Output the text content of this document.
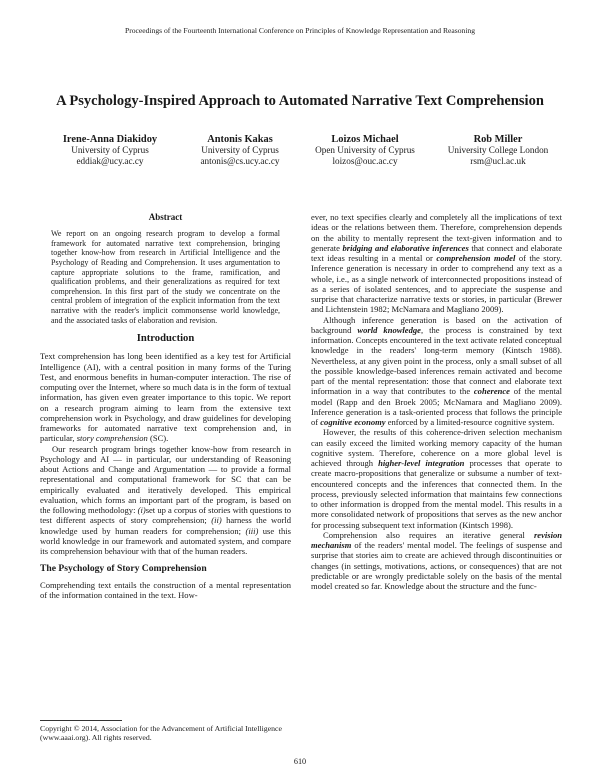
Proceedings of the Fourteenth International Conference on Principles of Knowledge Representation and Reasoning
A Psychology-Inspired Approach to Automated Narrative Text Comprehension
Irene-Anna Diakidoy
University of Cyprus
eddiak@ucy.ac.cy
Antonis Kakas
University of Cyprus
antonis@cs.ucy.ac.cy
Loizos Michael
Open University of Cyprus
loizos@ouc.ac.cy
Rob Miller
University College London
rsm@ucl.ac.uk
Abstract

We report on an ongoing research program to develop a formal framework for automated narrative text comprehension, bringing together know-how from research in Artificial Intelligence and the Psychology of Reading and Comprehension. It uses argumentation to capture appropriate solutions to the frame, ramification, and qualification problems, and their generalizations as required for text comprehension. In this first part of the study we concentrate on the central problem of integration of the explicit information from the text narrative with the reader's implicit commonsense world knowledge, and the associated tasks of elaboration and revision.

Introduction

Text comprehension has long been identified as a key test for Artificial Intelligence (AI), with a central position in many forms of the Turing Test, and enormous benefits in human-computer interaction. The rise of computing over the Internet, where so much data is in the form of textual information, has given even greater importance to this topic. We report on a research program aiming to learn from the extensive text comprehension work in Psychology, and draw guidelines for developing frameworks for automated narrative text comprehension and, in particular, story comprehension (SC).

Our research program brings together know-how from research in Psychology and AI — in particular, our understanding of Reasoning about Actions and Change and Argumentation — to provide a formal representational and computational framework for SC that can be empirically evaluated and iteratively developed. This empirical evaluation, which forms an important part of the program, is based on the following methodology: (i)set up a corpus of stories with questions to test different aspects of story comprehension; (ii) harness the world knowledge used by human readers for comprehension; (iii) use this world knowledge in our framework and automated system, and compare its comprehension behaviour with that of the human readers.

The Psychology of Story Comprehension

Comprehending text entails the construction of a mental representation of the information contained in the text. How-

Copyright © 2014, Association for the Advancement of Artificial Intelligence (www.aaai.org). All rights reserved.

ever, no text specifies clearly and completely all the implications of text ideas or the relations between them. Therefore, comprehension depends on the ability to mentally represent the text-given information and to generate bridging and elaborative inferences that connect and elaborate text ideas resulting in a mental or comprehension model of the story. Inference generation is necessary in order to comprehend any text as a whole, i.e., as a single network of interconnected propositions instead of as a series of isolated sentences, and to appreciate the suspense and surprise that characterize narrative texts or stories, in particular (Brewer and Lichtenstein 1982; McNamara and Magliano 2009).

Although inference generation is based on the activation of background world knowledge, the process is constrained by text information. Concepts encountered in the text activate related conceptual knowledge in the readers' long-term memory (Kintsch 1988). Nevertheless, at any given point in the process, only a small subset of all the possible knowledge-based inferences remain activated and become part of the mental representation: those that connect and elaborate text information in a way that contributes to the coherence of the mental model (Rapp and den Broek 2005; McNamara and Magliano 2009). Inference generation is a task-oriented process that follows the principle of cognitive economy enforced by a limited-resource cognitive system.

However, the results of this coherence-driven selection mechanism can easily exceed the limited working memory capacity of the human cognitive system. Therefore, coherence on a more global level is achieved through higher-level integration processes that operate to create macro-propositions that generalize or subsume a number of text-encountered concepts and the inferences that connected them. In the process, previously selected information that maintains few connections to other information is dropped from the mental model. This results in a more consolidated network of propositions that serves as the new anchor for processing subsequent text information (Kintsch 1998).

Comprehension also requires an iterative general revision mechanism of the readers' mental model. The feelings of suspense and surprise that stories aim to create are achieved through discontinuities or changes (in settings, motivations, actions, or consequences) that are not predictable or are wrongly predictable solely on the basis of the mental model created so far. Knowledge about the structure and the func-

610
